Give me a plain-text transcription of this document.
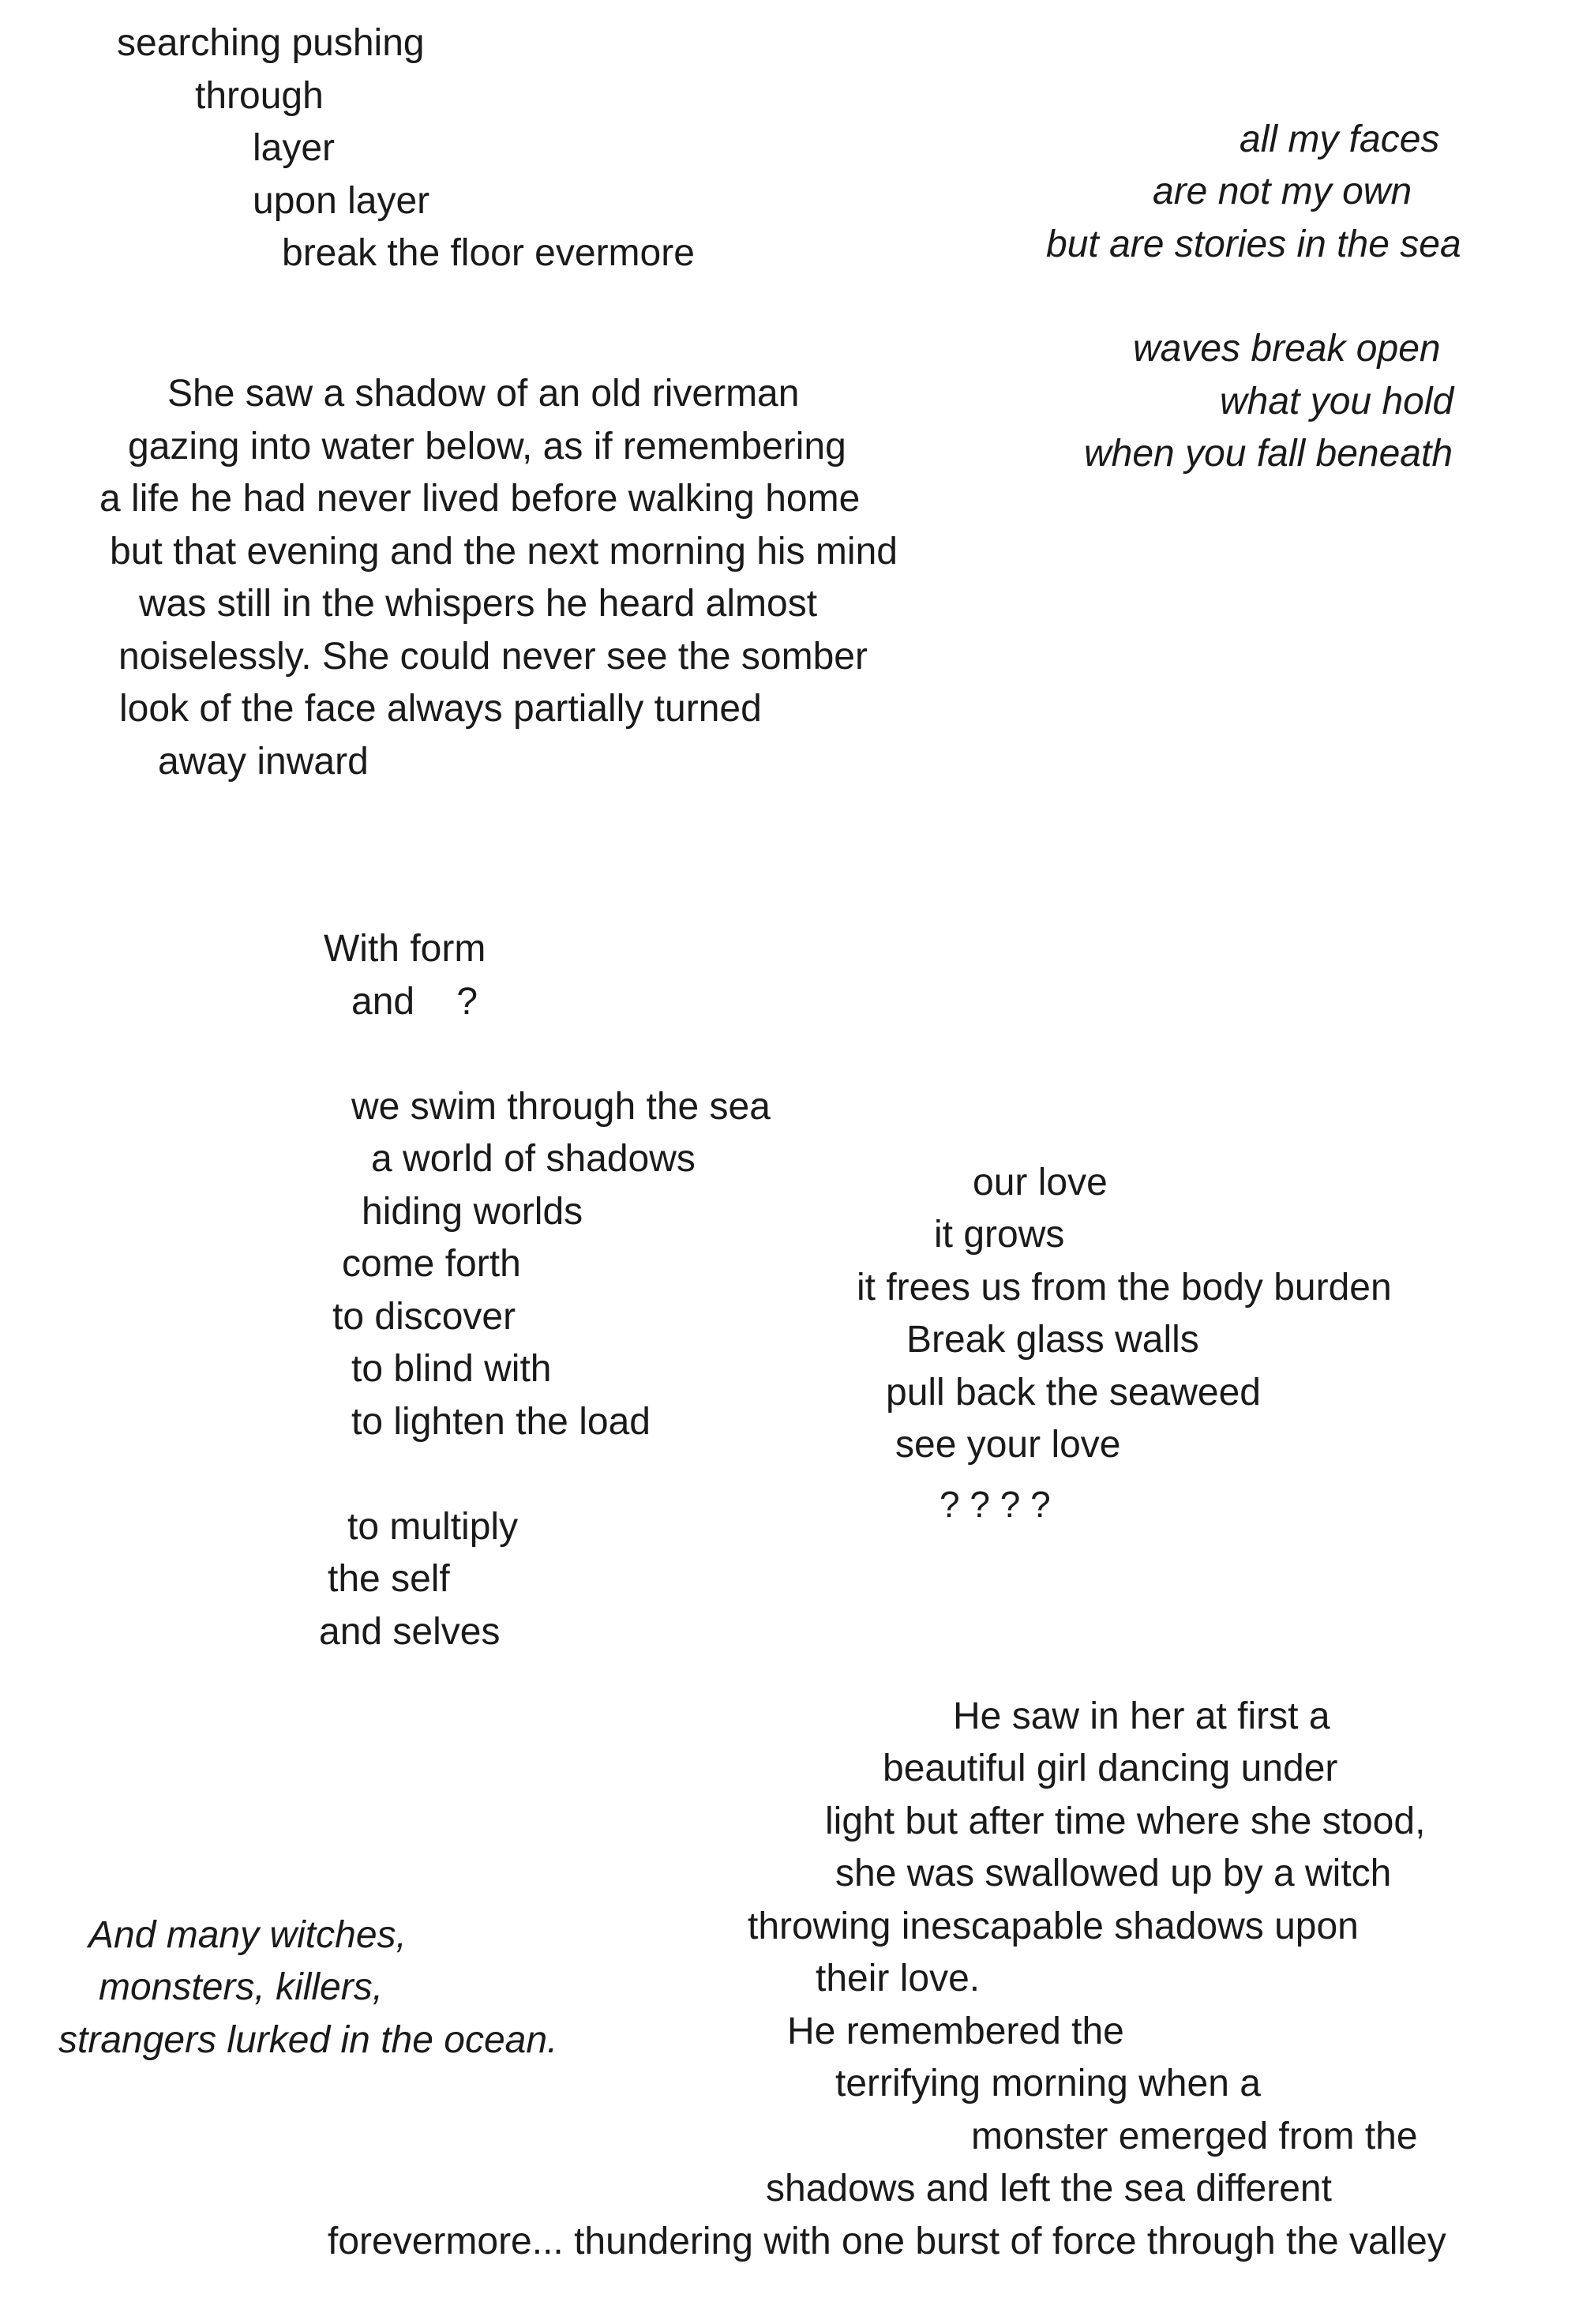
searching pushing
through
layer
upon layer
break the floor evermore
all my faces
are not my own
but are stories in the sea
waves break open
what you hold
when you fall beneath
She saw a shadow of an old riverman
gazing into water below, as if remembering
a life he had never lived before walking home
but that evening and the next morning his mind
was still in the whispers he heard almost
noiselessly. She could never see the somber
look of the face always partially turned
away inward
With form
and    ?
we swim through the sea
a world of shadows
hiding worlds
come forth
to discover
to blind with
to lighten the load
to multiply
the self
and selves
our love
it grows
it frees us from the body burden
Break glass walls
pull back the seaweed
see your love
? ? ? ?
And many witches,
monsters, killers,
strangers lurked in the ocean.
He saw in her at first a
beautiful girl dancing under
light but after time where she stood,
she was swallowed up by a witch
throwing inescapable shadows upon
their love.
He remembered the
terrifying morning when a
monster emerged from the
shadows and left the sea different
forevermore... thundering with one burst of force through the valley
